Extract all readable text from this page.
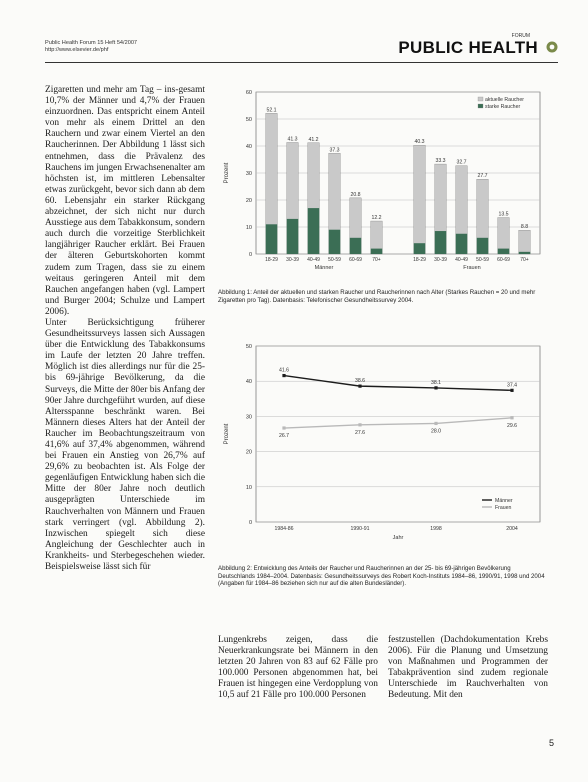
Public Health Forum 15 Heft 54/2007
http://www.elsevier.de/phf
FORUM
PUBLIC HEALTH

Zigaretten und mehr am Tag – ins-gesamt 10,7% der Männer und 4,7% der Frauen einzuordnen. Das entspricht einem Anteil von mehr als einem Drittel an den Rauchern und zwar einem Viertel an den Raucherinnen. Der Abbildung 1 lässt sich entnehmen, dass die Prävalenz des Rauchens im jungen Erwachsenenalter am höchsten ist, im mittleren Lebensalter etwas zurückgeht, bevor sich dann ab dem 60. Lebensjahr ein starker Rückgang abzeichnet, der sich nicht nur durch Ausstiege aus dem Tabakkonsum, sondern auch durch die vorzeitige Sterblichkeit langjähriger Raucher erklärt. Bei Frauen der älteren Geburtskohorten kommt zudem zum Tragen, dass sie zu einem weitaus geringeren Anteil mit dem Rauchen angefangen haben (vgl. Lampert und Burger 2004; Schulze und Lampert 2006).

Unter Berücksichtigung früherer Gesundheitssurveys lassen sich Aussagen über die Entwicklung des Tabakkonsums im Laufe der letzten 20 Jahre treffen. Möglich ist dies allerdings nur für die 25- bis 69-jährige Bevölkerung, da die Surveys, die Mitte der 80er bis Anfang der 90er Jahre durchgeführt wurden, auf diese Altersspanne beschränkt waren. Bei Männern dieses Alters hat der Anteil der Raucher im Beobachtungszeitraum von 41,6% auf 37,4% abgenommen, während bei Frauen ein Anstieg von 26,7% auf 29,6% zu beobachten ist. Als Folge der gegenläufigen Entwicklung haben sich die Mitte der 80er Jahre noch deutlich ausgeprägten Unterschiede im Rauchverhalten von Männern und Frauen stark verringert (vgl. Abbildung 2). Inzwischen spiegelt sich diese Angleichung der Geschlechter auch in Krankheits- und Sterbegeschehen wieder. Beispielsweise lässt sich für

0
10
20
30
40
50
60
Prozent
52.1
18-29
41.3
30-39
41.2
40-49
37.3
50-59
20.8
60-69
12.2
70+
40.3
18-29
33.3
30-39
32.7
40-49
27.7
50-59
13.5
60-69
8.8
70+
Männer	Frauen
aktuelle Raucher
starke Raucher
Abbildung 1: Anteil der aktuellen und starken Raucher und Raucherinnen nach Alter (Starkes Rauchen = 20 und mehr Zigaretten pro Tag). Datenbasis: Telefonischer Gesundheitssurvey 2004.
0
10
20
30
40
50
Prozent
1984-86	1990-91	1998	2004
Jahr
41.6
38.6	38.1	37.4
26.7
27.6	28.0
29.6
Männer
Frauen
Abbildung 2: Entwicklung des Anteils der Raucher und Raucherinnen an der 25- bis 69-jährigen Bevölkerung Deutschlands 1984–2004. Datenbasis: Gesundheitssurveys des Robert Koch-Instituts 1984–86, 1990/91, 1998 und 2004 (Angaben für 1984–86 beziehen sich nur auf die alten Bundesländer).
Lungenkrebs zeigen, dass die Neuerkrankungsrate bei Männern in den letzten 20 Jahren von 83 auf 62 Fälle pro 100.000 Personen abgenommen hat, bei Frauen ist hingegen eine Verdopplung von 10,5 auf 21 Fälle pro 100.000 Personen
festzustellen (Dachdokumentation Krebs 2006). Für die Planung und Umsetzung von Maßnahmen und Programmen der Tabakprävention sind zudem regionale Unterschiede im Rauchverhalten von Bedeutung. Mit den
5
